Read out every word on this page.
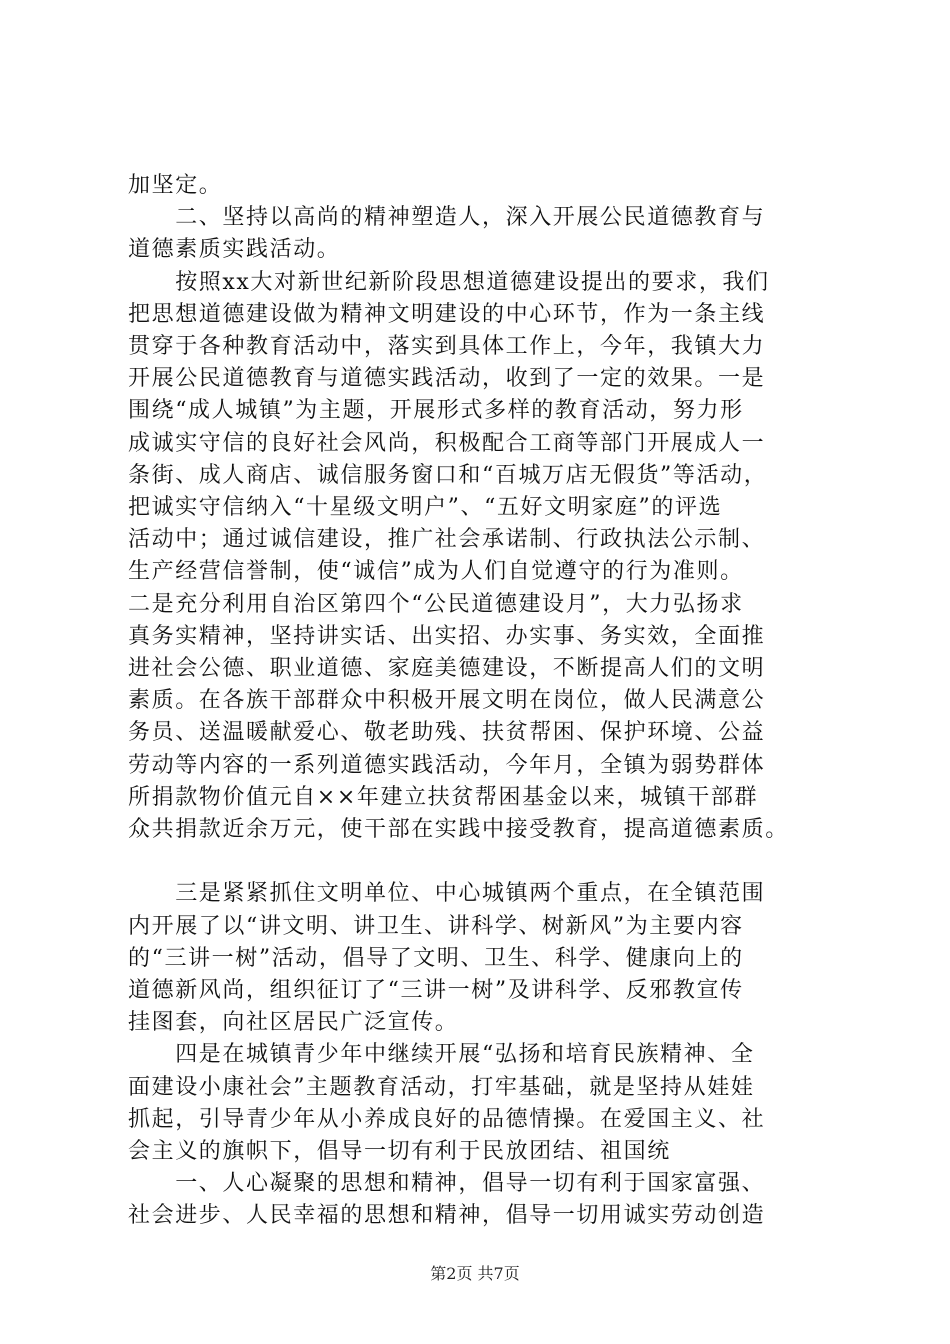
加坚定。
　　二、坚持以高尚的精神塑造人，深入开展公民道德教育与
道德素质实践活动。
　　按照xx大对新世纪新阶段思想道德建设提出的要求，我们
把思想道德建设做为精神文明建设的中心环节，作为一条主线
贯穿于各种教育活动中，落实到具体工作上，今年，我镇大力
开展公民道德教育与道德实践活动，收到了一定的效果。一是
围绕“成人城镇”为主题，开展形式多样的教育活动，努力形
成诚实守信的良好社会风尚，积极配合工商等部门开展成人一
条街、成人商店、诚信服务窗口和“百城万店无假货”等活动，
把诚实守信纳入“十星级文明户”、“五好文明家庭”的评选
活动中；通过诚信建设，推广社会承诺制、行政执法公示制、
生产经营信誉制，使“诚信”成为人们自觉遵守的行为准则。
二是充分利用自治区第四个“公民道德建设月”，大力弘扬求
真务实精神，坚持讲实话、出实招、办实事、务实效，全面推
进社会公德、职业道德、家庭美德建设，不断提高人们的文明
素质。在各族干部群众中积极开展文明在岗位，做人民满意公
务员、送温暖献爱心、敬老助残、扶贫帮困、保护环境、公益
劳动等内容的一系列道德实践活动，今年月，全镇为弱势群体
所捐款物价值元自××年建立扶贫帮困基金以来，城镇干部群
众共捐款近余万元，使干部在实践中接受教育，提高道德素质。
　　三是紧紧抓住文明单位、中心城镇两个重点，在全镇范围
内开展了以“讲文明、讲卫生、讲科学、树新风”为主要内容
的“三讲一树”活动，倡导了文明、卫生、科学、健康向上的
道德新风尚，组织征订了“三讲一树”及讲科学、反邪教宣传
挂图套，向社区居民广泛宣传。
　　四是在城镇青少年中继续开展“弘扬和培育民族精神、全
面建设小康社会”主题教育活动，打牢基础，就是坚持从娃娃
抓起，引导青少年从小养成良好的品德情操。在爱国主义、社
会主义的旗帜下，倡导一切有利于民放团结、祖国统
　　一、人心凝聚的思想和精神，倡导一切有利于国家富强、
社会进步、人民幸福的思想和精神，倡导一切用诚实劳动创造
第2页 共7页
